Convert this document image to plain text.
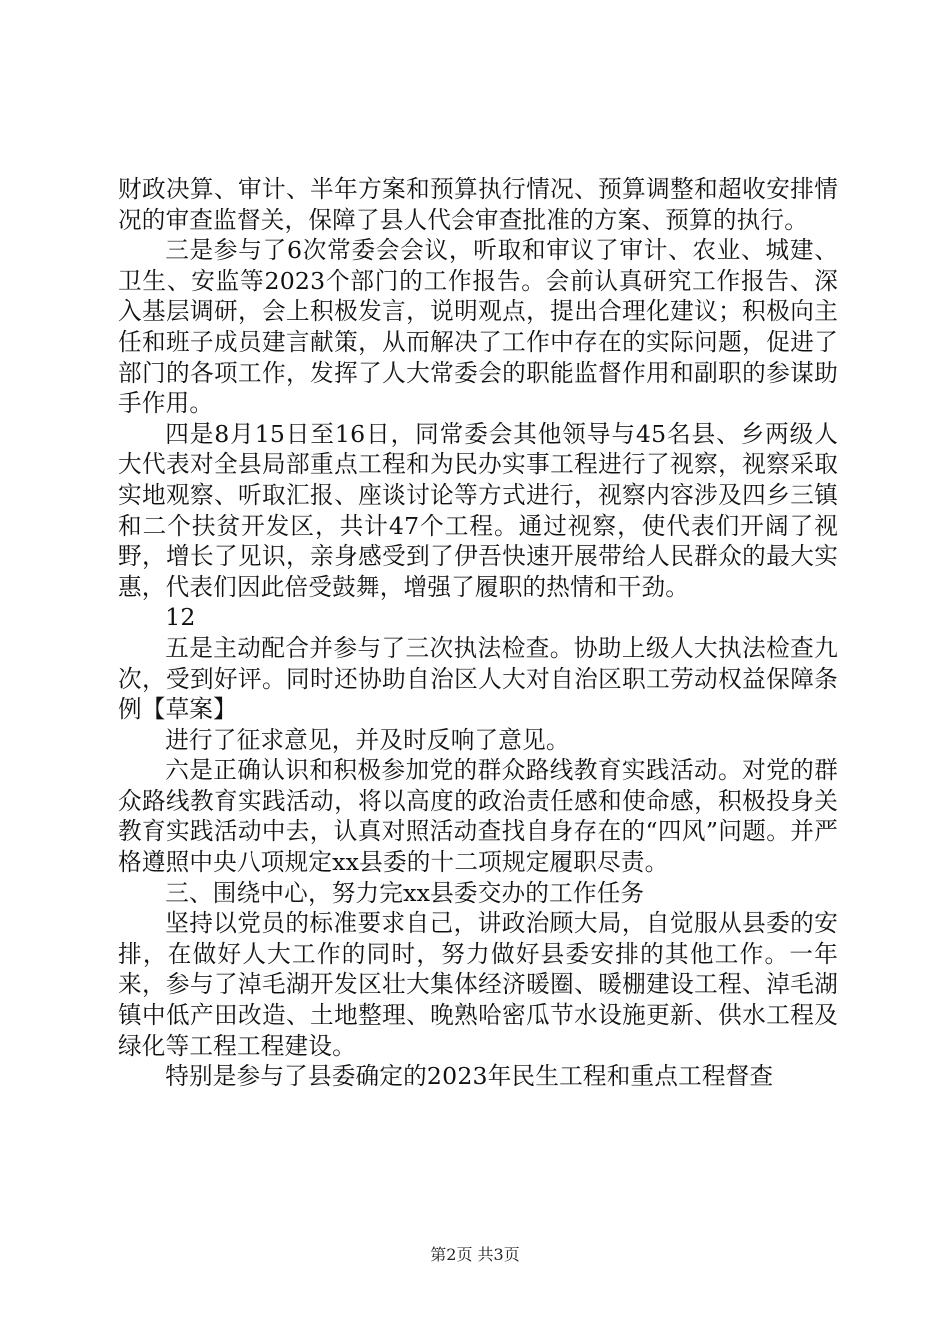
财政决算、审计、半年方案和预算执行情况、预算调整和超收安排情况的审查监督关，保障了县人代会审查批准的方案、预算的执行。

三是参与了6次常委会会议，听取和审议了审计、农业、城建、卫生、安监等2023个部门的工作报告。会前认真研究工作报告、深入基层调研，会上积极发言，说明观点，提出合理化建议；积极向主任和班子成员建言献策，从而解决了工作中存在的实际问题，促进了部门的各项工作，发挥了人大常委会的职能监督作用和副职的参谋助手作用。

四是8月15日至16日，同常委会其他领导与45名县、乡两级人大代表对全县局部重点工程和为民办实事工程进行了视察，视察采取实地观察、听取汇报、座谈讨论等方式进行，视察内容涉及四乡三镇和二个扶贫开发区，共计47个工程。通过视察，使代表们开阔了视野，增长了见识，亲身感受到了伊吾快速开展带给人民群众的最大实惠，代表们因此倍受鼓舞，增强了履职的热情和干劲。

12

五是主动配合并参与了三次执法检查。协助上级人大执法检查九次，受到好评。同时还协助自治区人大对自治区职工劳动权益保障条例【草案】

进行了征求意见，并及时反响了意见。

六是正确认识和积极参加党的群众路线教育实践活动。对党的群众路线教育实践活动，将以高度的政治责任感和使命感，积极投身关教育实践活动中去，认真对照活动查找自身存在的“四风”问题。并严格遵照中央八项规定xx县委的十二项规定履职尽责。

三、围绕中心，努力完xx县委交办的工作任务

坚持以党员的标准要求自己，讲政治顾大局，自觉服从县委的安排，在做好人大工作的同时，努力做好县委安排的其他工作。一年来，参与了淖毛湖开发区壮大集体经济暖圈、暖棚建设工程、淖毛湖镇中低产田改造、土地整理、晚熟哈密瓜节水设施更新、供水工程及绿化等工程工程建设。

特别是参与了县委确定的2023年民生工程和重点工程督查

第2页 共3页
